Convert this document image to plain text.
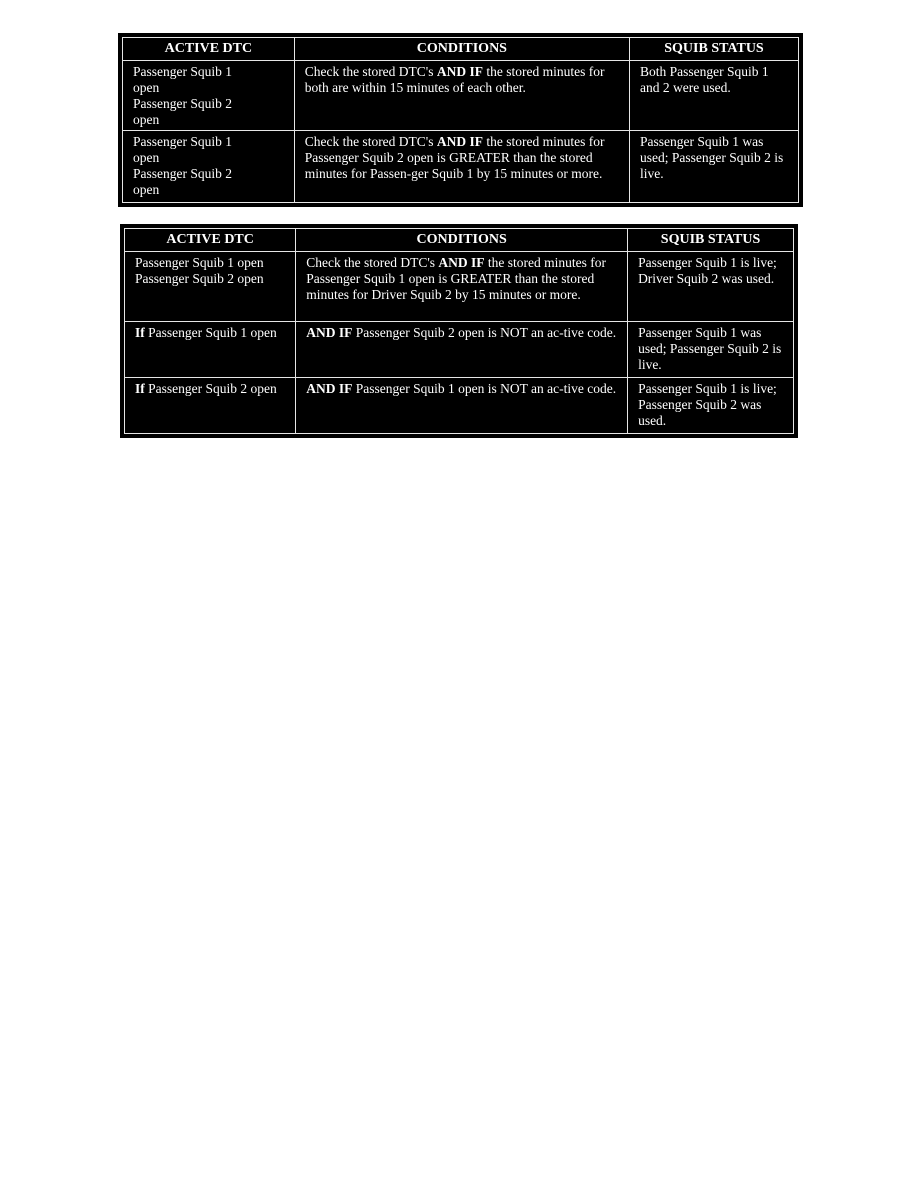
ACTIVE DTC	CONDITIONS	SQUIB STATUS

Passenger Squib 1
open
Passenger Squib 2
open	Check the stored DTC's AND IF the stored minutes for both are within 15 minutes of each other.	Both Passenger Squib 1 and 2 were used.

Passenger Squib 1
open
Passenger Squib 2
open	Check the stored DTC's AND IF the stored minutes for Passenger Squib 2 open is GREATER than the stored minutes for Passen-ger Squib 1 by 15 minutes or more.	Passenger Squib 1 was used; Passenger Squib 2 is live.
ACTIVE DTC	CONDITIONS	SQUIB STATUS
Passenger Squib 1 open Passenger Squib 2 open	Check the stored DTC's AND IF the stored minutes for Passenger Squib 1 open is GREATER than the stored minutes for Driver Squib 2 by 15 minutes or more.	Passenger Squib 1 is live; Driver Squib 2 was used.
If Passenger Squib 1 open	AND IF Passenger Squib 2 open is NOT an ac-tive code.	Passenger Squib 1 was used; Passenger Squib 2 is live.
If Passenger Squib 2 open	AND IF Passenger Squib 1 open is NOT an ac-tive code.	Passenger Squib 1 is live; Passenger Squib 2 was used.
